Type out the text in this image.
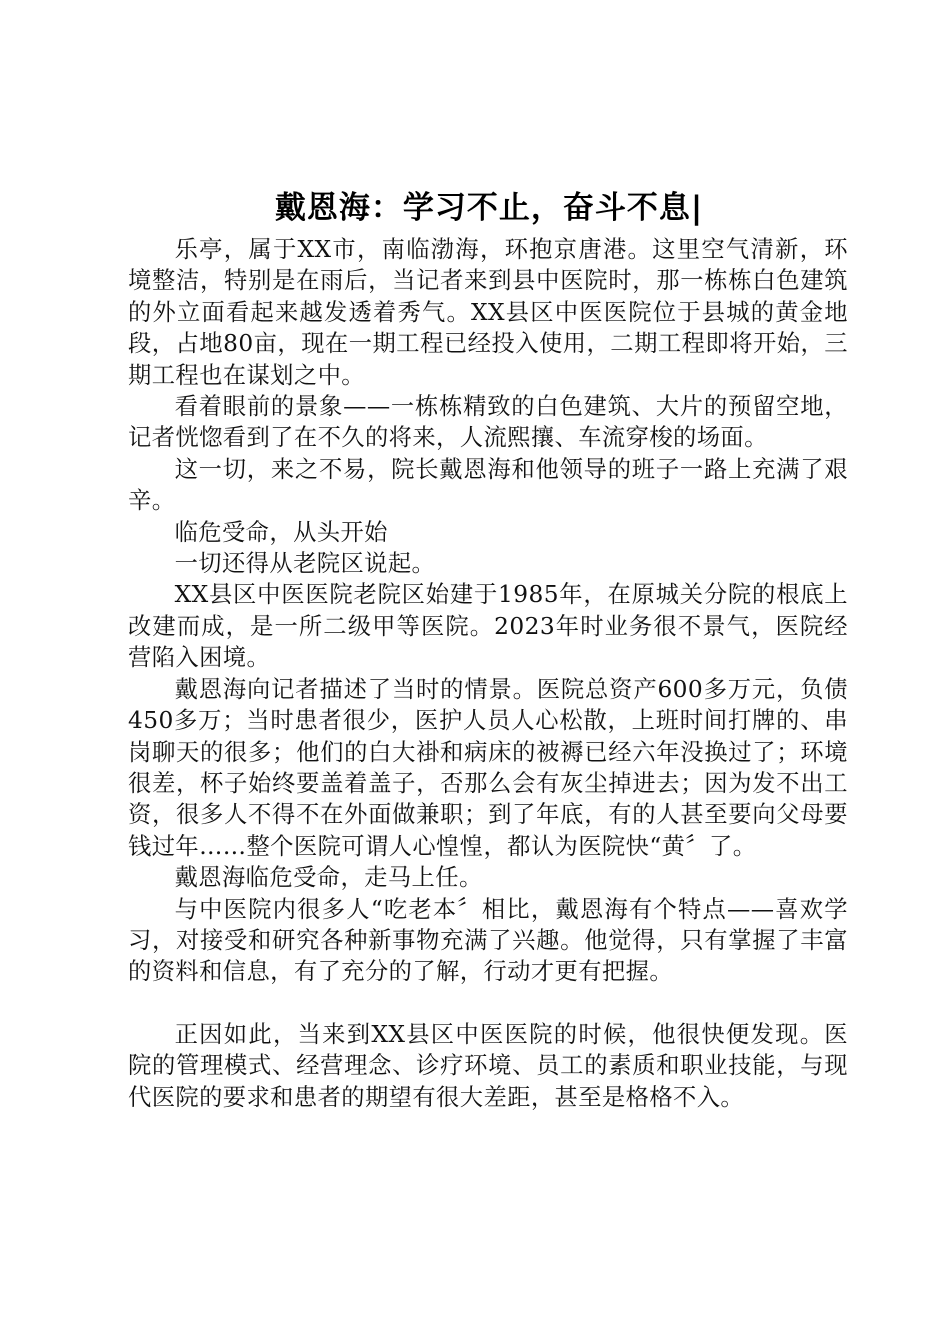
戴恩海：学习不止，奋斗不息|

乐亭，属于XX市，南临渤海，环抱京唐港。这里空气清新，环境整洁，特别是在雨后，当记者来到县中医院时，那一栋栋白色建筑的外立面看起来越发透着秀气。XX县区中医医院位于县城的黄金地段，占地80亩，现在一期工程已经投入使用，二期工程即将开始，三期工程也在谋划之中。

看着眼前的景象——一栋栋精致的白色建筑、大片的预留空地，记者恍惚看到了在不久的将来，人流熙攘、车流穿梭的场面。

这一切，来之不易，院长戴恩海和他领导的班子一路上充满了艰辛。

临危受命，从头开始

一切还得从老院区说起。

XX县区中医医院老院区始建于1985年，在原城关分院的根底上改建而成，是一所二级甲等医院。2023年时业务很不景气，医院经营陷入困境。

戴恩海向记者描述了当时的情景。医院总资产600多万元，负债450多万；当时患者很少，医护人员人心松散，上班时间打牌的、串岗聊天的很多；他们的白大褂和病床的被褥已经六年没换过了；环境很差，杯子始终要盖着盖子，否那么会有灰尘掉进去；因为发不出工资，很多人不得不在外面做兼职；到了年底，有的人甚至要向父母要钱过年……整个医院可谓人心惶惶，都认为医院快“黄〞了。

戴恩海临危受命，走马上任。

与中医院内很多人“吃老本〞相比，戴恩海有个特点——喜欢学习，对接受和研究各种新事物充满了兴趣。他觉得，只有掌握了丰富的资料和信息，有了充分的了解，行动才更有把握。

正因如此，当来到XX县区中医医院的时候，他很快便发现。医院的管理模式、经营理念、诊疗环境、员工的素质和职业技能，与现代医院的要求和患者的期望有很大差距，甚至是格格不入。
